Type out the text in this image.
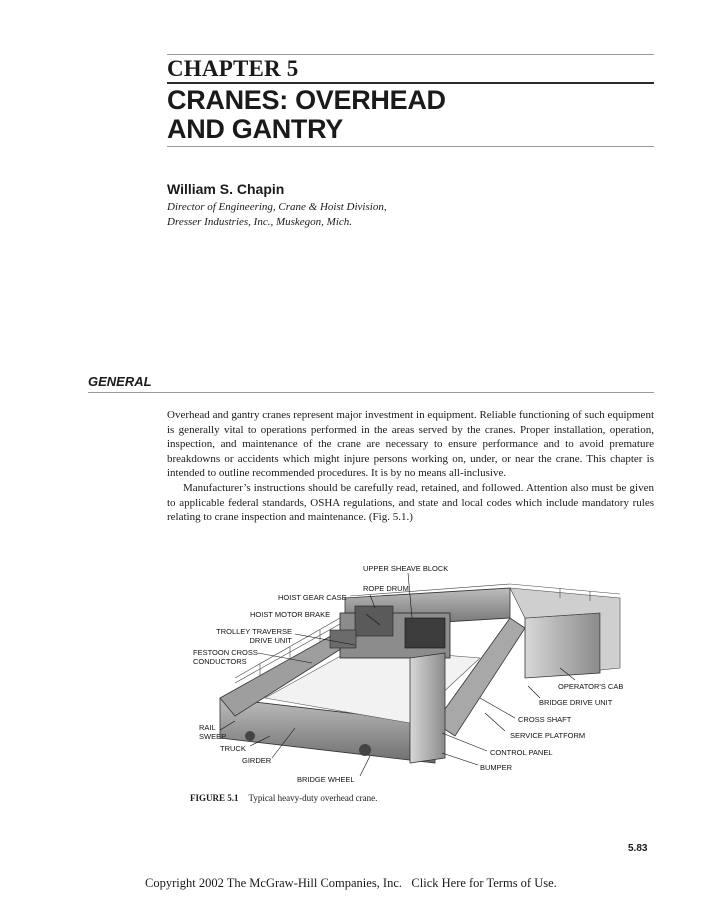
CHAPTER 5
CRANES: OVERHEAD
AND GANTRY
William S. Chapin
Director of Engineering, Crane & Hoist Division,
Dresser Industries, Inc., Muskegon, Mich.
GENERAL

Overhead and gantry cranes represent major investment in equipment. Reliable functioning of such equipment is generally vital to operations performed in the areas served by the cranes. Proper installation, operation, inspection, and maintenance of the crane are necessary to ensure performance and to avoid premature breakdowns or accidents which might injure persons working on, under, or near the crane. This chapter is intended to outline recommended procedures. It is by no means all-inclusive.

Manufacturer’s instructions should be carefully read, retained, and followed. Attention also must be given to applicable federal standards, OSHA regulations, and state and local codes which include mandatory rules relating to crane inspection and maintenance. (Fig. 5.1.)

UPPER SHEAVE BLOCK
ROPE DRUM
HOIST GEAR CASE
HOIST MOTOR BRAKE
TROLLEY TRAVERSE
DRIVE UNIT
FESTOON CROSS
CONDUCTORS
OPERATOR'S CAB
BRIDGE DRIVE UNIT
CROSS SHAFT
SERVICE PLATFORM
RAIL
SWEEP
TRUCK
GIRDER
CONTROL PANEL
BUMPER
BRIDGE WHEEL
FIGURE 5.1 Typical heavy-duty overhead crane.
5.83
Copyright 2002 The McGraw-Hill Companies, Inc. Click Here for Terms of Use.
